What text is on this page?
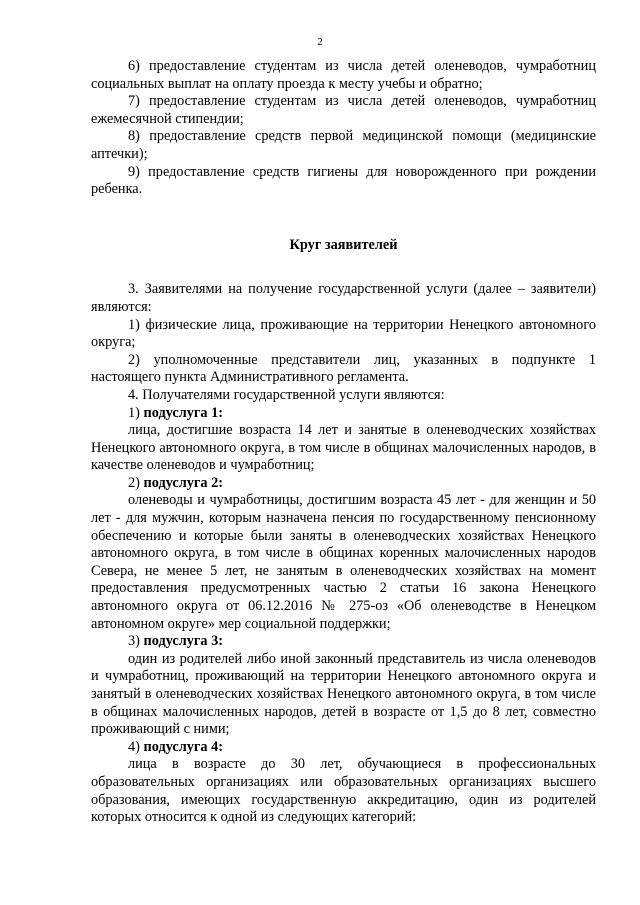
2

6) предоставление студентам из числа детей оленеводов, чумработниц социальных выплат на оплату проезда к месту учебы и обратно;

7) предоставление студентам из числа детей оленеводов, чумработниц ежемесячной стипендии;

8) предоставление средств первой медицинской помощи (медицинские аптечки);

9) предоставление средств гигиены для новорожденного при рождении ребенка.

Круг заявителей

3. Заявителями на получение государственной услуги (далее – заявители) являются:

1) физические лица, проживающие на территории Ненецкого автономного округа;

2) уполномоченные представители лиц, указанных в подпункте 1 настоящего пункта Административного регламента.

4. Получателями государственной услуги являются:

1) подуслуга 1:

лица, достигшие возраста 14 лет и занятые в оленеводческих хозяйствах Ненецкого автономного округа, в том числе в общинах малочисленных народов, в качестве оленеводов и чумработниц;

2) подуслуга 2:

оленеводы и чумработницы, достигшим возраста 45 лет - для женщин и 50 лет - для мужчин, которым назначена пенсия по государственному пенсионному обеспечению и которые были заняты в оленеводческих хозяйствах Ненецкого автономного округа, в том числе в общинах коренных малочисленных народов Севера, не менее 5 лет, не занятым в оленеводческих хозяйствах на момент предоставления предусмотренных частью 2 статьи 16 закона Ненецкого автономного округа от 06.12.2016 № 275-оз «Об оленеводстве в Ненецком автономном округе» мер социальной поддержки;

3) подуслуга 3:

один из родителей либо иной законный представитель из числа оленеводов и чумработниц, проживающий на территории Ненецкого автономного округа и занятый в оленеводческих хозяйствах Ненецкого автономного округа, в том числе в общинах малочисленных народов, детей в возрасте от 1,5 до 8 лет, совместно проживающий с ними;

4) подуслуга 4:

лица в возрасте до 30 лет, обучающиеся в профессиональных образовательных организациях или образовательных организациях высшего образования, имеющих государственную аккредитацию, один из родителей которых относится к одной из следующих категорий:
